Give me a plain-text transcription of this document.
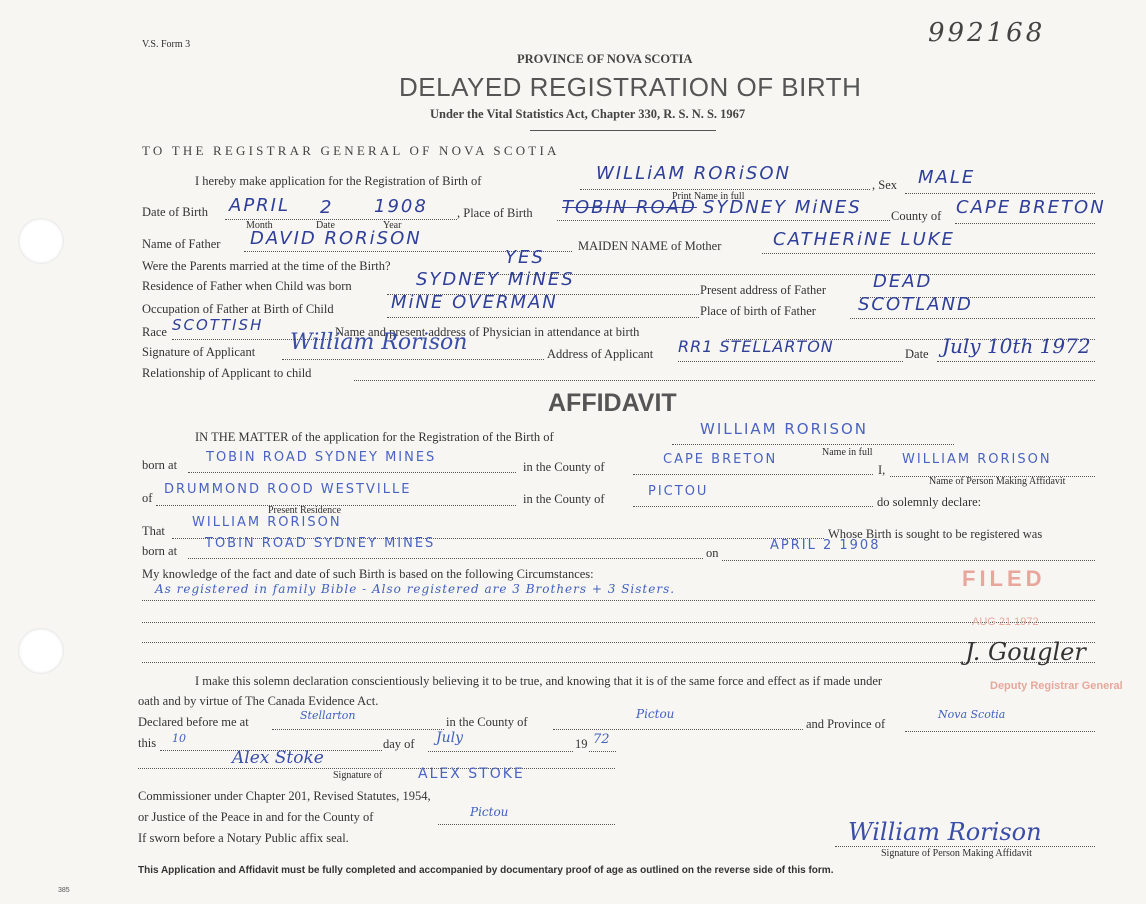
V.S. Form 3	992168
PROVINCE OF NOVA SCOTIA
DELAYED REGISTRATION OF BIRTH
Under the Vital Statistics Act, Chapter 330, R. S. N. S. 1967
TO THE REGISTRAR GENERAL OF NOVA SCOTIA
I hereby make application for the Registration of Birth of	WILLiAM RORiSON
, Sex MALE
Print Name in full
Date of Birth APRIL 2 1908
Month	Date	Year
, Place of Birth TOBIN ROAD SYDNEY MiNES County of CAPE BRETON
Name of Father DAVID RORiSON	MAIDEN NAME of Mother	CATHERiNE LUKE
Were the Parents married at the time of the Birth?	YES
Residence of Father when Child was born	SYDNEY MiNES	Present address of Father	DEAD
Occupation of Father at Birth of Child	MiNE OVERMAN	Place of birth of Father SCOTLAND
Race SCOTTISH	Name and present address of Physician in attendance at birth
Signature of Applicant William Rorison	Address of Applicant RR1 STELLARTON	Date July 10th 1972
Relationship of Applicant to child
AFFIDAVIT
IN THE MATTER of the application for the Registration of the Birth of	WILLIAM RORISON
Name in full
born at TOBIN ROAD SYDNEY MINES
in the County of	CAPE BRETON
I,
WILLIAM RORISON
Name of Person Making Affidavit
of
DRUMMOND ROOD WESTVILLE
in the County of	PICTOU
do solemnly declare:
Present Residence
That
WILLIAM RORISON
Whose Birth is sought to be registered was
born at TOBIN ROAD SYDNEY MINES
on	APRIL 2 1908
My knowledge of the fact and date of such Birth is based on the following Circumstances:
As registered in family Bible - Also registered are 3 Brothers + 3 Sisters.	FILED
AUG 21 1972
J. Gougler
Deputy Registrar General
I make this solemn declaration conscientiously believing it to be true, and knowing that it is of the same force and effect as if made under
oath and by virtue of The Canada Evidence Act.
Declared before me at	Stellarton	in the County of
Pictou
and Province of
Nova Scotia
this 10	day of July	19 72
Alex Stoke
Signature of	ALEX STOKE
Commissioner under Chapter 201, Revised Statutes, 1954,
or Justice of the Peace in and for the County of	Pictou
If sworn before a Notary Public affix seal.	William Rorison
Signature of Person Making Affidavit
This Application and Affidavit must be fully completed and accompanied by documentary proof of age as outlined on the reverse side of this form.
385
